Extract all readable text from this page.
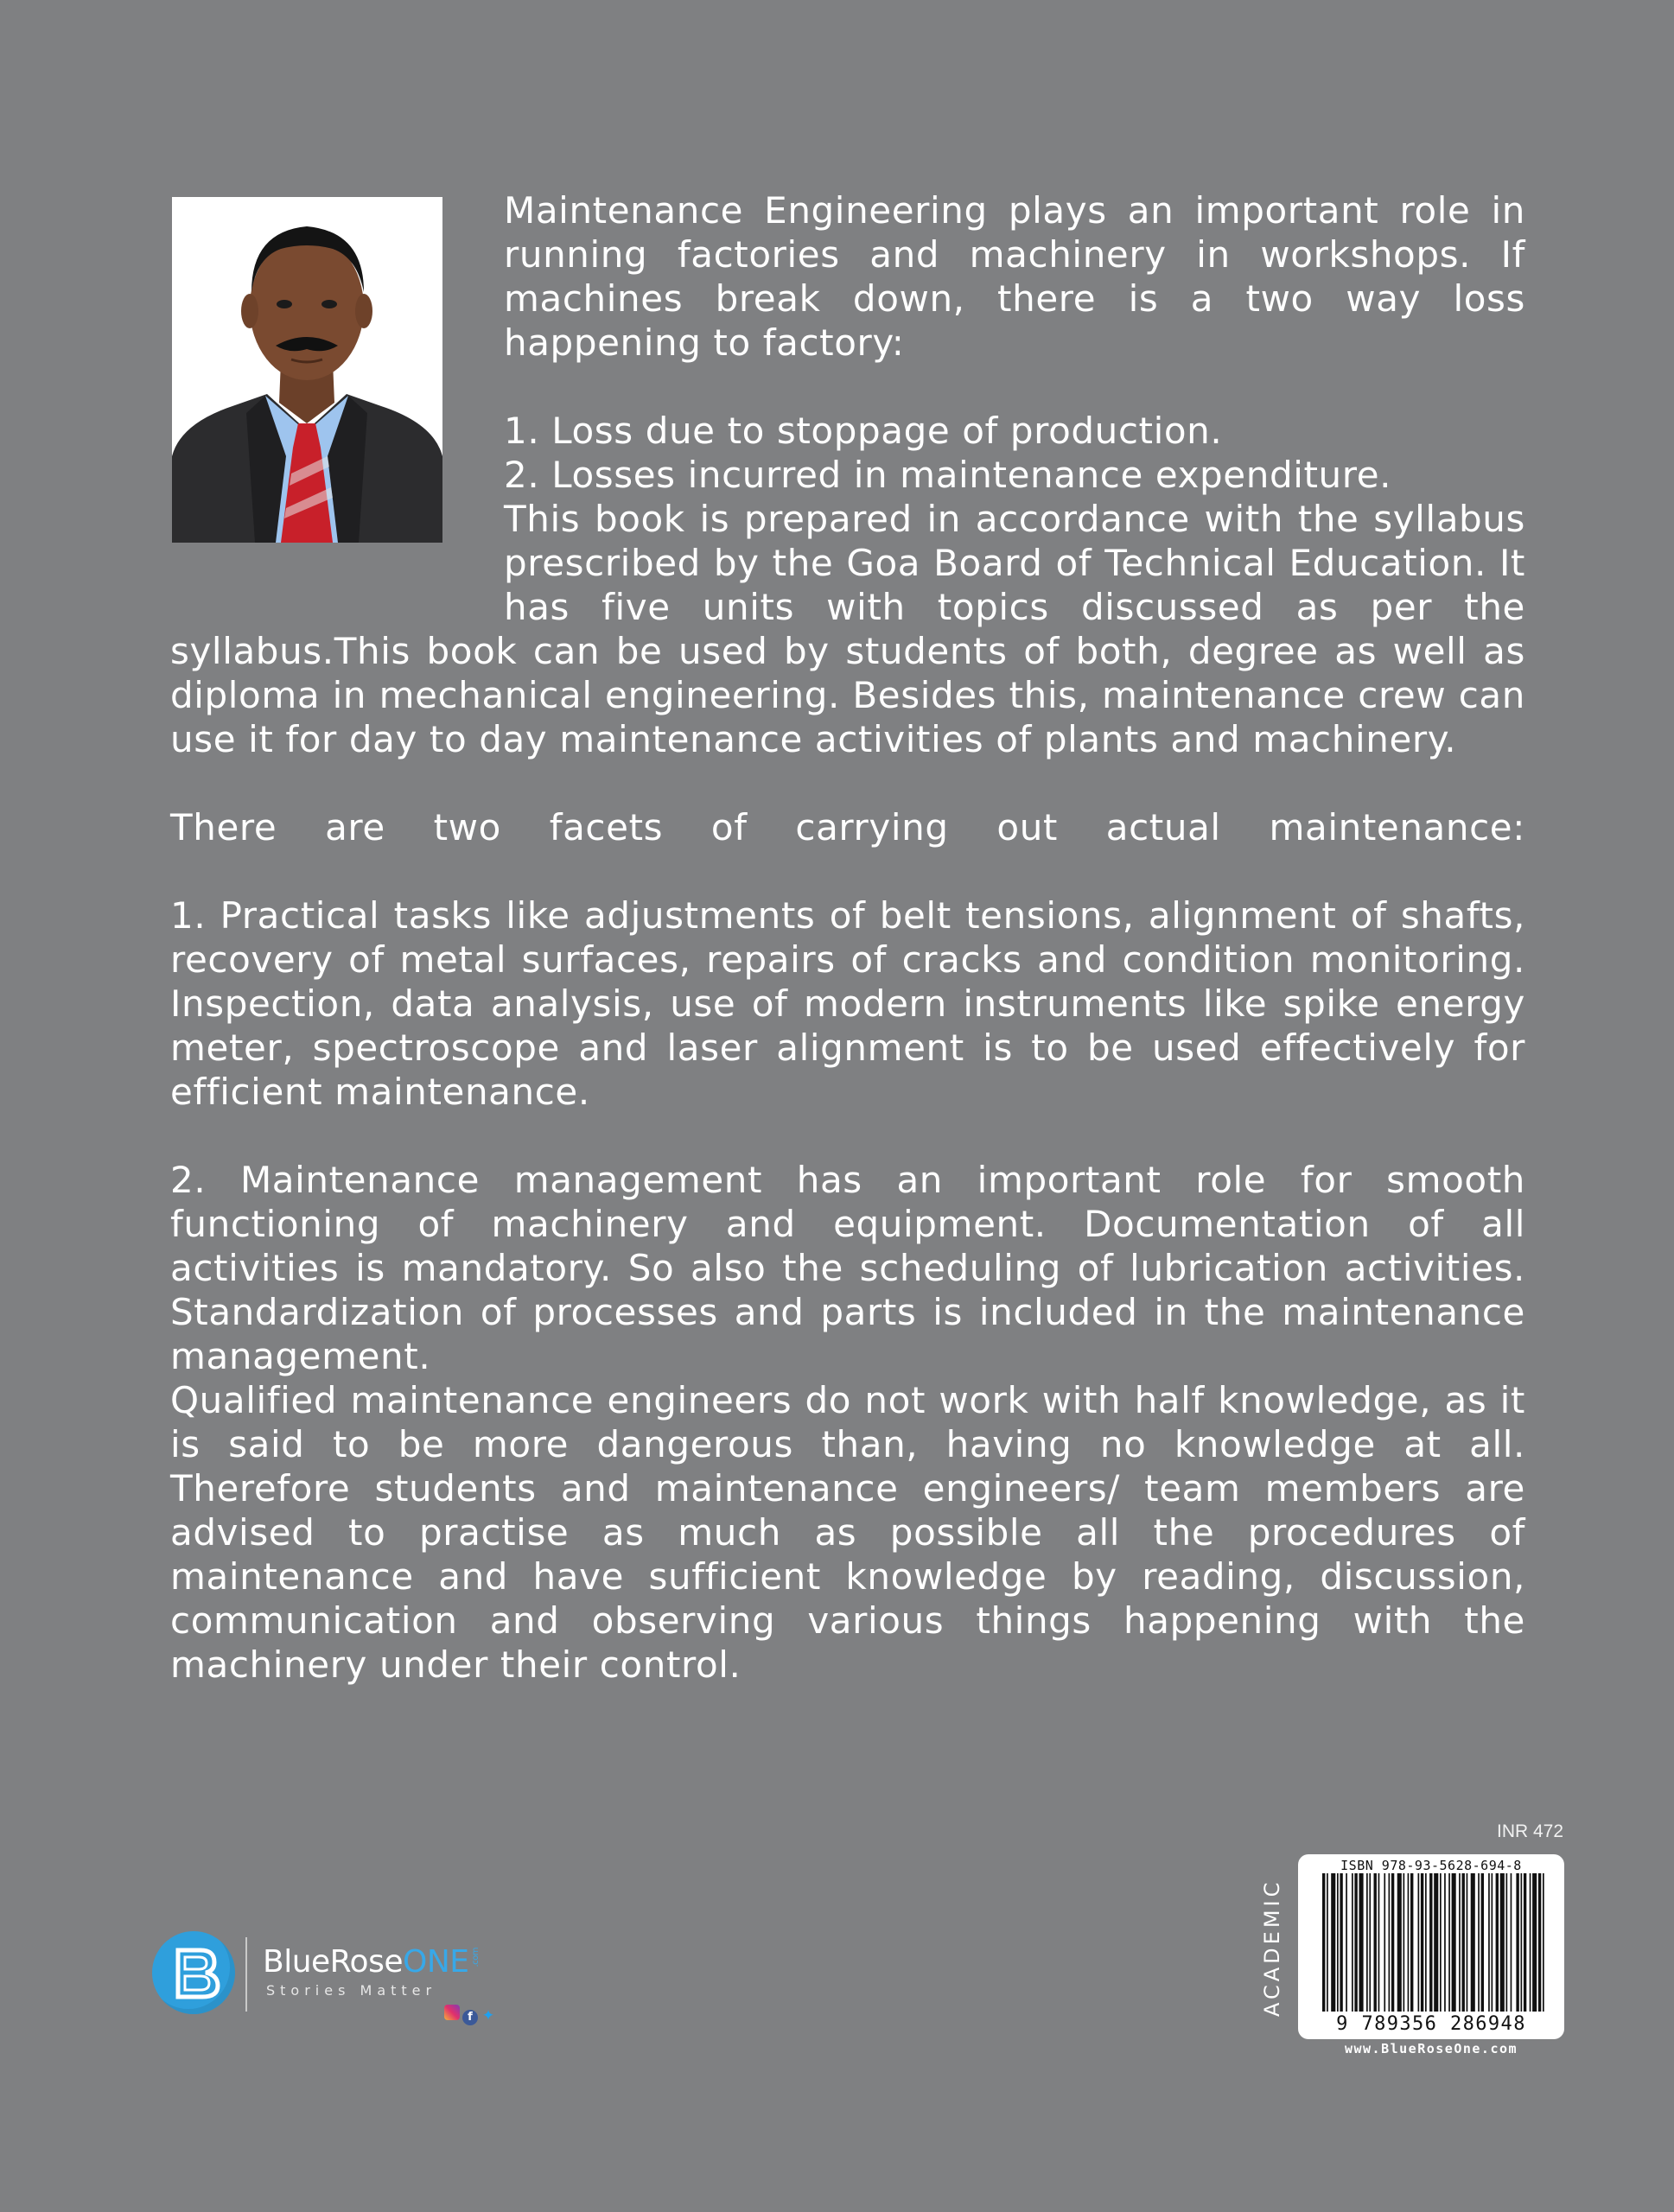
Maintenance Engineering plays an important role in running factories and machinery in workshops. If machines break down, there is a two way loss happening to factory:

1. Loss due to stoppage of production.

2. Losses incurred in maintenance expenditure.

This book is prepared in accordance with the syllabus prescribed by the Goa Board of Technical Education. It has five units with topics discussed as per the syllabus.This book can be used by students of both, degree as well as diploma in mechanical engineering. Besides this, maintenance crew can use it for day to day maintenance activities of plants and machinery.

There are two facets of carrying out actual maintenance:

1. Practical tasks like adjustments of belt tensions, alignment of shafts, recovery of metal surfaces, repairs of cracks and condition monitoring. Inspection, data analysis, use of modern instruments like spike energy meter, spectroscope and laser alignment is to be used effectively for efficient maintenance.

2. Maintenance management has an important role for smooth functioning of machinery and equipment. Documentation of all activities is mandatory. So also the scheduling of lubrication activities. Standardization of processes and parts is included in the maintenance management.

Qualified maintenance engineers do not work with half knowledge, as it is said to be more dangerous than, having no knowledge at all. Therefore students and maintenance engineers/ team members are advised to practise as much as possible all the procedures of maintenance and have sufficient knowledge by reading, discussion, communication and observing various things happening with the machinery under their control.

BlueRoseONE .com
Stories Matter
f ✦
INR 472
ACADEMIC
ISBN 978-93-5628-694-8
9 789356 286948
www.BlueRoseOne.com
